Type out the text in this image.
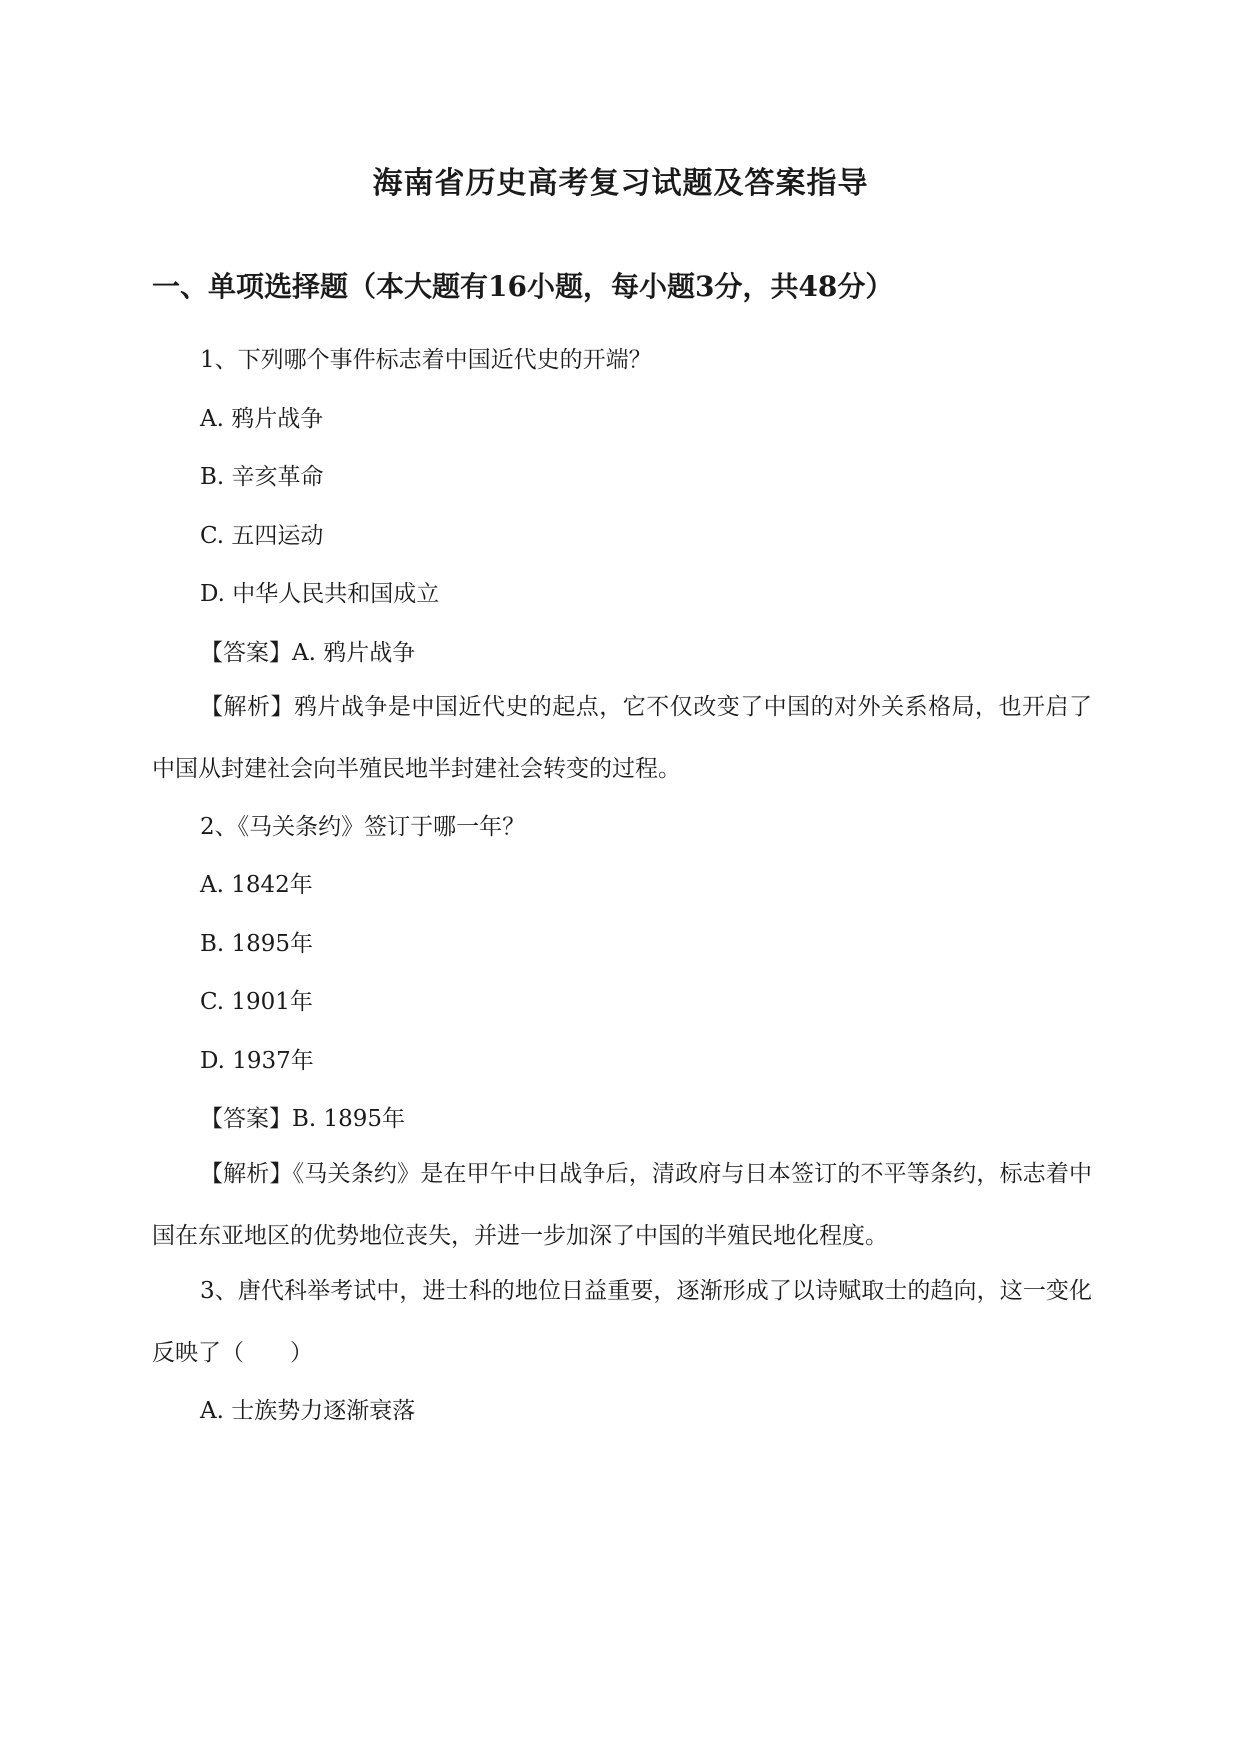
海南省历史高考复习试题及答案指导
一、单项选择题（本大题有16小题，每小题3分，共48分）
1、下列哪个事件标志着中国近代史的开端？
A. 鸦片战争
B. 辛亥革命
C. 五四运动
D. 中华人民共和国成立
【答案】A. 鸦片战争
【解析】鸦片战争是中国近代史的起点，它不仅改变了中国的对外关系格局，也开启了中国从封建社会向半殖民地半封建社会转变的过程。
2、《马关条约》签订于哪一年？
A. 1842年
B. 1895年
C. 1901年
D. 1937年
【答案】B. 1895年
【解析】《马关条约》是在甲午中日战争后，清政府与日本签订的不平等条约，标志着中国在东亚地区的优势地位丧失，并进一步加深了中国的半殖民地化程度。
3、唐代科举考试中，进士科的地位日益重要，逐渐形成了以诗赋取士的趋向，这一变化反映了（　　）
A. 士族势力逐渐衰落
